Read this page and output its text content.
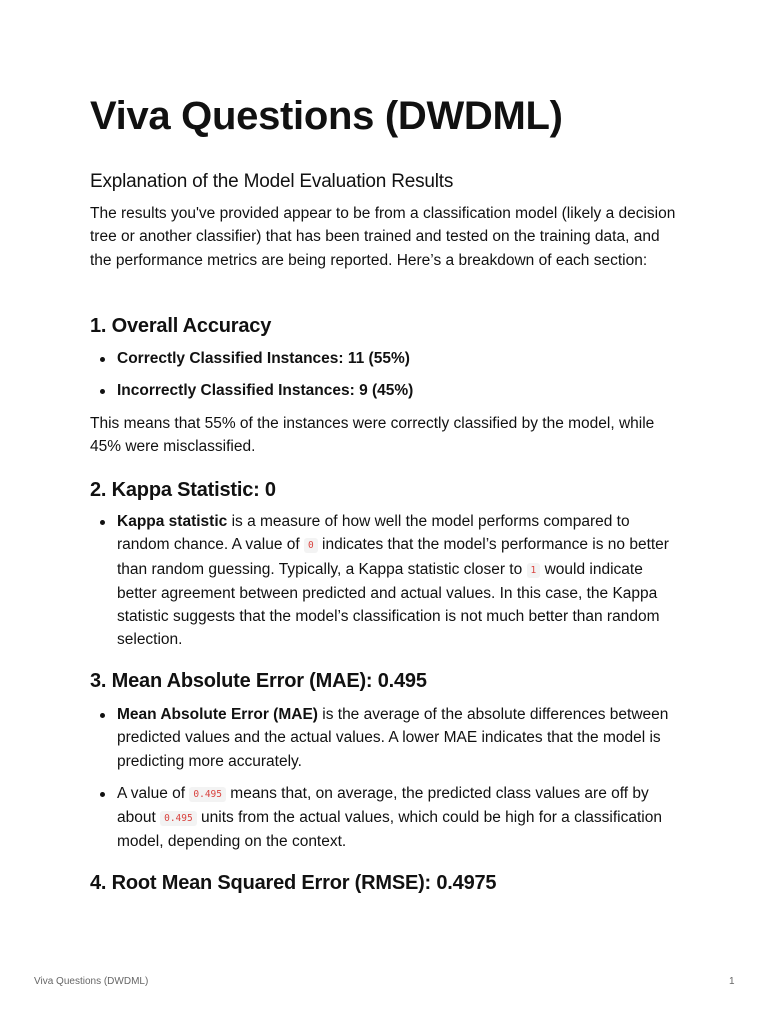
Viva Questions (DWDML)
Explanation of the Model Evaluation Results

The results you've provided appear to be from a classification model (likely a decision tree or another classifier) that has been trained and tested on the training data, and the performance metrics are being reported. Here’s a breakdown of each section:

1. Overall Accuracy
Correctly Classified Instances: 11 (55%)
Incorrectly Classified Instances: 9 (45%)

This means that 55% of the instances were correctly classified by the model, while 45% were misclassified.

2. Kappa Statistic: 0
Kappa statistic is a measure of how well the model performs compared to random chance. A value of 0 indicates that the model’s performance is no better than random guessing. Typically, a Kappa statistic closer to 1 would indicate better agreement between predicted and actual values. In this case, the Kappa statistic suggests that the model’s classification is not much better than random selection.
3. Mean Absolute Error (MAE): 0.495
Mean Absolute Error (MAE) is the average of the absolute differences between predicted values and the actual values. A lower MAE indicates that the model is predicting more accurately.
A value of 0.495 means that, on average, the predicted class values are off by about 0.495 units from the actual values, which could be high for a classification model, depending on the context.
4. Root Mean Squared Error (RMSE): 0.4975
Viva Questions (DWDML)	1
